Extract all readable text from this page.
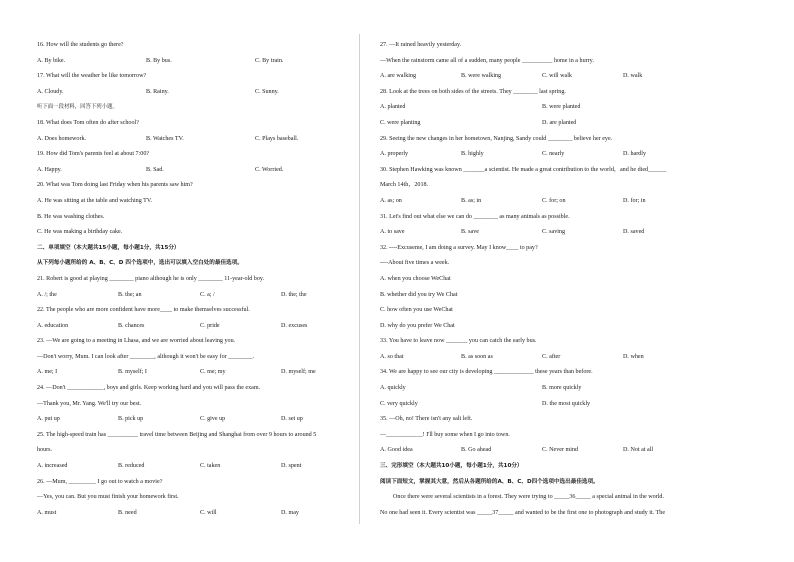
16. How will the students go there?
A. By bike.	B. By bus.	C. By train.
17. What will the weather be like tomorrow?
A. Cloudy.	B. Rainy.	C. Sunny.
听下面一段材料，回答下列小题。
18. What does Tom often do after school?
A. Does homework.	B. Watches TV.	C. Plays baseball.
19. How did Tom's parents feel at about 7:00?
A. Happy.	B. Sad.	C. Worried.
20. What was Tom doing last Friday when his parents saw him?
A. He was sitting at the table and watching TV.
B. He was washing clothes.
C. He was making a birthday cake.
二、单项填空（本大题共15小题，每小题1分，共15分）
从下列每小题所给的 A、B、C、D 四个选项中，选出可以填入空白处的最佳选项。
21. Robert is good at playing ________ piano although he is only ________ 11-year-old boy.
A. /; the	B. the; an	C. a; /	D. the; the
22. The people who are more confident have more____ to make themselves successful.
A. education	B. chances	C. pride	D. excuses
23. —We are going to a meeting in Lhasa, and we are worried about leaving you.
—Don't worry, Mum. I can look after ________, although it won't be easy for ________.
A. me; I	B. myself; I	C. me; my	D. myself; me
24. —Don't ____________, boys and girls. Keep working hard and you will pass the exam.
—Thank you, Mr. Yang. We'll try our best.
A. put up	B. pick up	C. give up	D. set up
25. The high-speed train has __________ travel time between Beijing and Shanghai from over 9 hours to around 5
hours.
A. increased	B. reduced	C. taken	D. spent
26. —Mum, _________ I go out to watch a movie?
—Yes, you can. But you must finish your homework first.
A. must	B. need	C. will	D. may
27. —It rained heavily yesterday.
—When the rainstorm came all of a sudden, many people __________ home in a hurry.
A. are walking	B. were walking	C. will walk	D. walk
28. Look at the trees on both sides of the streets. They ________ last spring.
A. planted	B. were planted
C. were planting	D. are planted
29. Seeing the new changes in her hometown, Nanjing, Sandy could ________ believe her eye.
A. properly	B. highly	C. nearly	D. hardly
30. Stephen Hawking was known _______a scientist. He made a great contribution to the world，and he died______
March 14th，2018.
A. as; on	B. as; in	C. for; on	D. for; in
31. Let's find out what else we can do ________ as many animals as possible.
A. to save	B. save	C. saving	D. saved
32. ----Excuseme, I am doing a survey. May I know____ to pay?
----About five times a week.
A. when you choose WeChat
B. whether did you try We Chat
C. how often you use WeChat
D. why do you prefer We Chat
33. You have to leave now _______ you can catch the early bus.
A. so that	B. as soon as	C. after	D. when
34. We are happy to see our city is developing _____________ these years than before.
A. quickly	B. more quickly
C. very quickly	D. the most quickly
35. —Oh, no! There isn't any salt left.
—____________! I'll buy some when I go into town.
A. Good idea	B. Go ahead	C. Never mind	D. Not at all
三、完形填空（本大题共10小题，每小题1分，共10分）
阅读下面短文，掌握其大意，然后从各题所给的A、B、C、D四个选项中选出最佳选项。
Once there were several scientists in a forest. They were trying to _____36_____ a special animal in the world.
No one had seen it. Every scientist was _____37_____ and wanted to be the first one to photograph and study it. The
